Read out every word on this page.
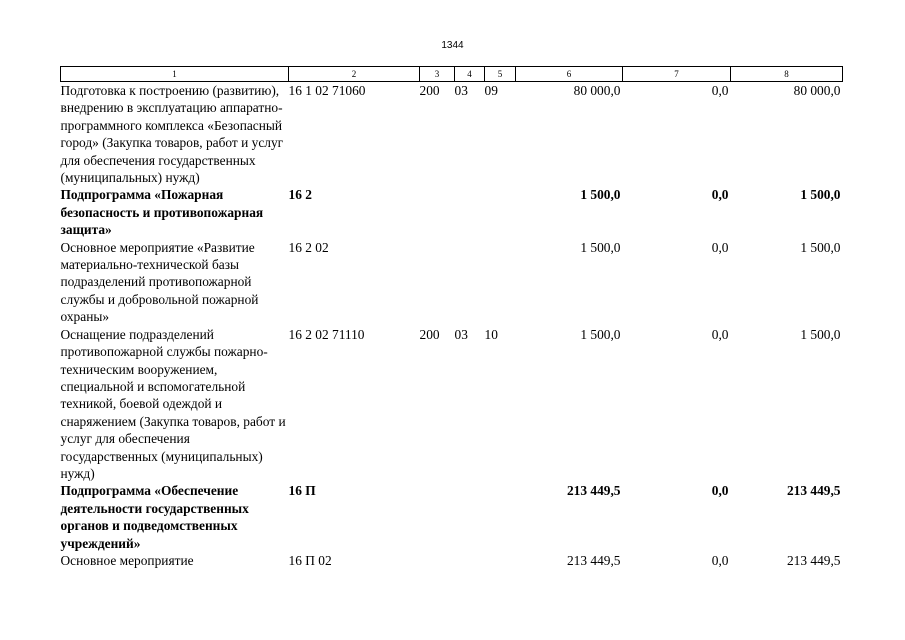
1344
1	2	3	4	5	6	7	8
Подготовка к построению (развитию), внедрению в эксплуатацию аппаратно-программного комплекса «Безопасный город» (Закупка товаров, работ и услуг для обеспечения государственных (муниципальных) нужд)	16 1 02 71060	200	03	09	80 000,0	0,0	80 000,0
Подпрограмма «Пожарная безопасность и противопожарная защита»	16 2				1 500,0	0,0	1 500,0
Основное мероприятие «Развитие материально-технической базы подразделений противопожарной службы и добровольной пожарной охраны»	16 2 02				1 500,0	0,0	1 500,0
Оснащение подразделений противопожарной службы пожарно-техническим вооружением, специальной и вспомогательной техникой, боевой одеждой и снаряжением (Закупка товаров, работ и услуг для обеспечения государственных (муниципальных) нужд)	16 2 02 71110	200	03	10	1 500,0	0,0	1 500,0
Подпрограмма «Обеспечение деятельности государственных органов и подведомственных учреждений»	16 П				213 449,5	0,0	213 449,5
Основное мероприятие	16 П 02				213 449,5	0,0	213 449,5
